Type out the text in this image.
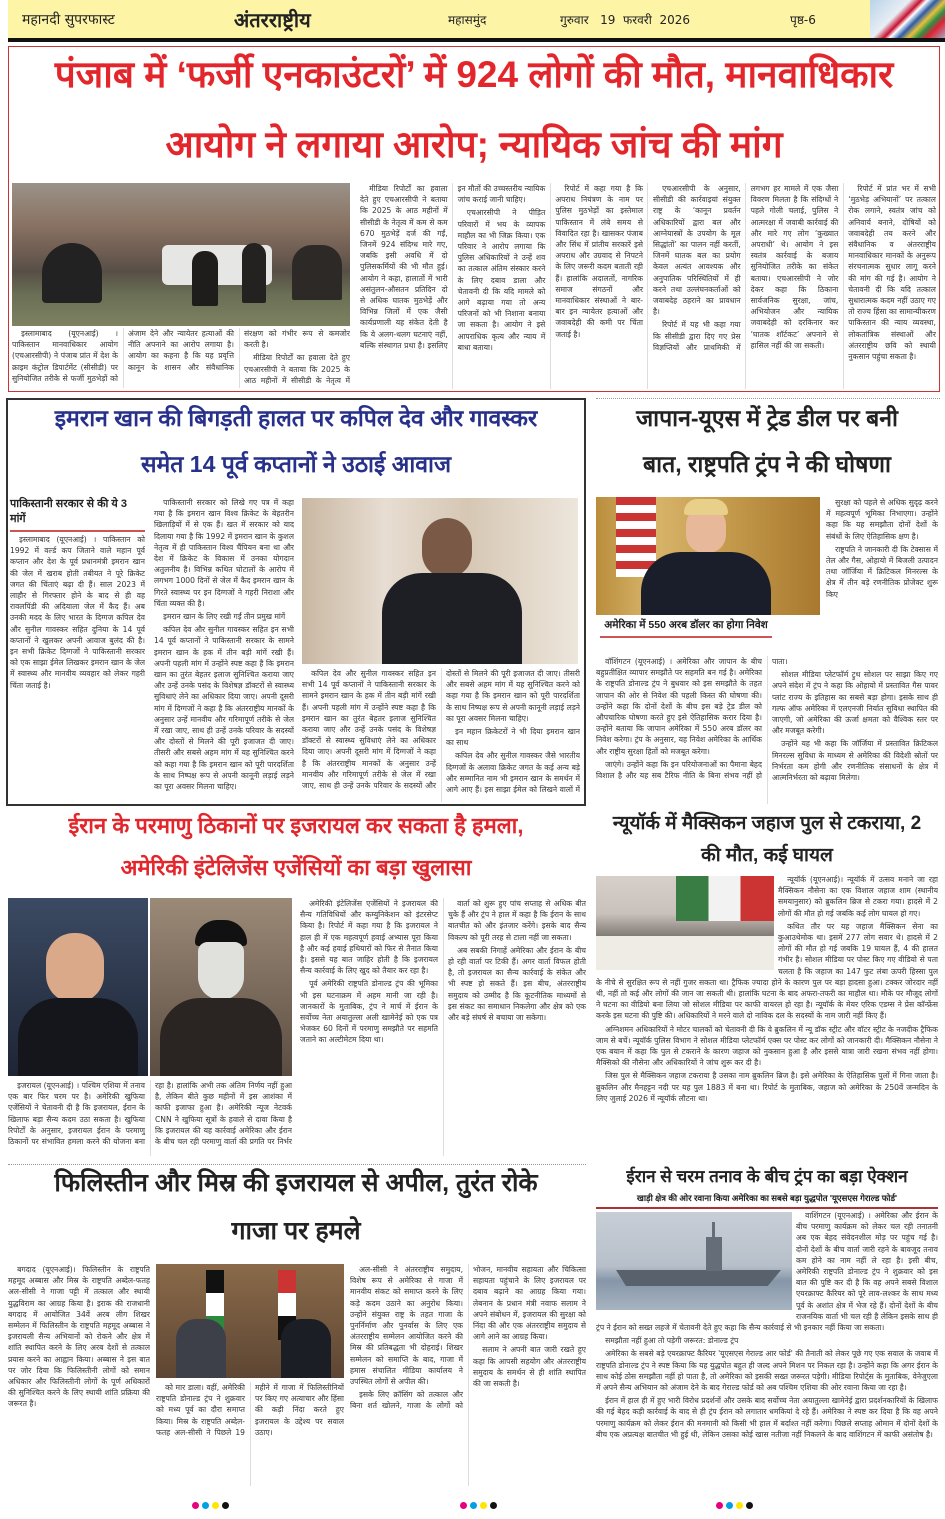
महानदी सुपरफास्ट	अंतरराष्ट्रीय	महासमुंद	गुरुवार   19  फरवरी  2026	पृष्ठ-6
पंजाब में ‘फर्जी एनकाउंटरों’ में 924 लोगों की मौत, मानवाधिकार
आयोग ने लगाया आरोप; न्यायिक जांच की मांग

इस्लामाबाद (यूएनआई) । पाकिस्तान मानवाधिकार आयोग (एचआरसीपी) ने पंजाब प्रांत में देश के क्राइम कंट्रोल डिपार्टमेंट (सीसीडी) पर सुनियोजित तरीके से फर्जी मुठभेड़ों को अंजाम देने और न्यायेतर हत्याओं की नीति अपनाने का आरोप लगाया है। आयोग का कहना है कि यह प्रवृत्ति कानून के शासन और संवैधानिक संरक्षण को गंभीर रूप से कमजोर करती है।

मीडिया रिपोर्टों का हवाला देते हुए एचआरसीपी ने बताया कि 2025 के आठ महीनों में सीसीडी के नेतृत्व में

मीडिया रिपोर्टों का हवाला देते हुए एचआरसीपी ने बताया कि 2025 के आठ महीनों में सीसीडी के नेतृत्व में कम से कम 670 मुठभेड़ें दर्ज की गईं, जिनमें 924 संदिग्ध मारे गए, जबकि इसी अवधि में दो पुलिसकर्मियों की भी मौत हुई। आयोग ने कहा, हालातों में भारी असंतुलन-औसतन प्रतिदिन दो से अधिक घातक मुठभेड़ें और विभिन्न जिलों में एक जैसी कार्यप्रणाली यह संकेत देती है कि ये अलग-थलग घटनाएं नहीं, बल्कि संस्थागत प्रथा है। इसलिए इन मौतों की उच्चस्तरीय न्यायिक जांच कराई जानी चाहिए।

एचआरसीपी ने पीड़ित परिवारों में भय के व्यापक माहौल का भी जिक्र किया। एक परिवार ने आरोप लगाया कि पुलिस अधिकारियों ने उन्हें शव का तत्काल अंतिम संस्कार करने के लिए दबाव डाला और चेतावनी दी कि यदि मामले को आगे बढ़ाया गया तो अन्य परिजनों को भी निशाना बनाया जा सकता है। आयोग ने इसे आपराधिक कृत्य और न्याय में बाधा बताया।

रिपोर्ट में कहा गया है कि अपराध नियंत्रण के नाम पर पुलिस मुठभेड़ों का इस्तेमाल पाकिस्तान में लंबे समय से विवादित रहा है। खासकर पंजाब और सिंध में प्रांतीय सरकारें इसे अपराध और उग्रवाद से निपटने के लिए जरूरी कदम बताती रही हैं। हालांकि अदालतों, नागरिक समाज संगठनों और मानवाधिकार संस्थाओं ने बार-बार इन न्यायेतर हत्याओं और जवाबदेही की कमी पर चिंता जताई है।

एचआरसीपी के अनुसार, सीसीडी की कार्रवाइयां संयुक्त राष्ट्र के ‘कानून प्रवर्तन अधिकारियों द्वारा बल और आग्नेयास्त्रों के उपयोग के मूल सिद्धांतों’ का पालन नहीं करतीं, जिनमें घातक बल का प्रयोग केवल अत्यंत आवश्यक और अनुपातिक परिस्थितियों में ही करने तथा उल्लंघनकर्ताओं को जवाबदेह ठहराने का प्रावधान है।

रिपोर्ट में यह भी कहा गया कि सीसीडी द्वारा दिए गए प्रेस विज्ञप्तियों और प्राथमिकी में लगभग हर मामले में एक जैसा विवरण मिलता है कि संदिग्धों ने पहले गोली चलाई, पुलिस ने आत्मरक्षा में जवाबी कार्रवाई की और मारे गए लोग ‘कुख्यात अपराधी’ थे। आयोग ने इस स्वतंत्र कार्रवाई के बजाय सुनियोजित तरीके का संकेत बताया। एचआरसीपी ने जोर देकर कहा कि ठिकाना सार्वजनिक सुरक्षा, जांच, अभियोजन और न्यायिक जवाबदेही को दरकिनार कर ‘घातक शॉर्टकट’ अपनाने से हासिल नहीं की जा सकती।

रिपोर्ट में प्रांत भर में सभी ‘मुठभेड़ अभियानों’ पर तत्काल रोक लगाने, स्वतंत्र जांच को अनिवार्य बनाने, दोषियों को जवाबदेही तय करने और संवैधानिक व अंतरराष्ट्रीय मानवाधिकार मानकों के अनुरूप संरचनात्मक सुधार लागू करने की मांग की गई है। आयोग ने चेतावनी दी कि यदि तत्काल सुधारात्मक कदम नहीं उठाए गए तो राज्य हिंसा का सामान्यीकरण पाकिस्तान की न्याय व्यवस्था, लोकतांत्रिक संस्थाओं और अंतरराष्ट्रीय छवि को स्थायी नुकसान पहुंचा सकता है।

इमरान खान की बिगड़ती हालत पर कपिल देव और गावस्कर
समेत 14 पूर्व कप्तानों ने उठाई आवाज
पाकिस्तानी सरकार से की ये 3 मांगें

इस्लामाबाद (यूएनआई) । पाकिस्तान को 1992 में वर्ल्ड कप जिताने वाले महान पूर्व कप्तान और देश के पूर्व प्रधानमंत्री इमरान खान की जेल में खराब होती तबीयत ने पूरे क्रिकेट जगत की चिंताएं बढ़ा दी हैं। साल 2023 में लाहौर से गिरफ्तार होने के बाद से ही वह रावलपिंडी की अदियाला जेल में कैद हैं। अब उनकी मदद के लिए भारत के दिग्गज कपिल देव और सुनील गावस्कर सहित दुनिया के 14 पूर्व कप्तानों ने खुलकर अपनी आवाज बुलंद की है। इन सभी क्रिकेट दिग्गजों ने पाकिस्तानी सरकार को एक साझा ईमेल लिखकर इमरान खान के जेल में स्वास्थ्य और मानवीय व्यवहार को लेकर गहरी चिंता जताई है।

पाकिस्तानी सरकार को लिखे गए पत्र में कहा गया है कि इमरान खान विश्व क्रिकेट के बेहतरीन खिलाड़ियों में से एक हैं। खत में सरकार को याद दिलाया गया है कि 1992 में इमरान खान के कुशल नेतृत्व में ही पाकिस्तान विश्व चैंपियन बना था और देश में क्रिकेट के विकास में उनका योगदान अतुलनीय है। विभिन्न कथित घोटालों के आरोप में लगभग 1000 दिनों से जेल में कैद इमरान खान के गिरते स्वास्थ्य पर इन दिग्गजों ने गहरी निराशा और चिंता व्यक्त की है।

इमरान खान के लिए रखी गईं तीन प्रमुख मांगें

कपिल देव और सुनील गावस्कर सहित इन सभी 14 पूर्व कप्तानों ने पाकिस्तानी सरकार के सामने इमरान खान के हक में तीन बड़ी मांगें रखी हैं। अपनी पहली मांग में उन्होंने स्पष्ट कहा है कि इमरान खान का तुरंत बेहतर इलाज सुनिश्चित कराया जाए और उन्हें उनके पसंद के विशेषज्ञ डॉक्टरों से स्वास्थ्य सुविधाएं लेने का अधिकार दिया जाए। अपनी दूसरी मांग में दिग्गजों ने कहा है कि अंतरराष्ट्रीय मानकों के अनुसार उन्हें मानवीय और गरिमापूर्ण तरीके से जेल में रखा जाए, साथ ही उन्हें उनके परिवार के सदस्यों और दोस्तों से मिलने की पूरी इजाजत दी जाए। तीसरी और सबसे अहम मांग में यह सुनिश्चित करने को कहा गया है कि इमरान खान को पूरी पारदर्शिता के साथ निष्पक्ष रूप से अपनी कानूनी लड़ाई लड़ने का पूरा अवसर मिलना चाहिए।

कपिल देव और सुनील गावस्कर सहित इन सभी 14 पूर्व कप्तानों ने पाकिस्तानी सरकार के सामने इमरान खान के हक में तीन बड़ी मांगें रखी हैं। अपनी पहली मांग में उन्होंने स्पष्ट कहा है कि इमरान खान का तुरंत बेहतर इलाज सुनिश्चित कराया जाए और उन्हें उनके पसंद के विशेषज्ञ डॉक्टरों से स्वास्थ्य सुविधाएं लेने का अधिकार दिया जाए। अपनी दूसरी मांग में दिग्गजों ने कहा है कि अंतरराष्ट्रीय मानकों के अनुसार उन्हें मानवीय और गरिमापूर्ण तरीके से जेल में रखा जाए, साथ ही उन्हें उनके परिवार के सदस्यों और दोस्तों से मिलने की पूरी इजाजत दी जाए। तीसरी और सबसे अहम मांग में यह सुनिश्चित करने को कहा गया है कि इमरान खान को पूरी पारदर्शिता के साथ निष्पक्ष रूप से अपनी कानूनी लड़ाई लड़ने का पूरा अवसर मिलना चाहिए।

इन महान क्रिकेटरों ने भी दिया इमरान खान का साथ

कपिल देव और सुनील गावस्कर जैसे भारतीय दिग्गजों के अलावा क्रिकेट जगत के कई अन्य बड़े और सम्मानित नाम भी इमरान खान के समर्थन में आगे आए हैं। इस साझा ईमेल को लिखने वालों में

जापान-यूएस में ट्रेड डील पर बनी
बात, राष्ट्रपति ट्रंप ने की घोषणा
अमेरिका में 550 अरब डॉलर का होगा निवेश

सुरक्षा को पहले से अधिक सुदृढ़ करने में महत्वपूर्ण भूमिका निभाएगा। उन्होंने कहा कि यह समझौता दोनों देशों के संबंधों के लिए ऐतिहासिक क्षण है।

राष्ट्रपति ने जानकारी दी कि टेक्सास में तेल और गैस, ओहायो में बिजली उत्पादन तथा जॉर्जिया में क्रिटिकल मिनरल्स के क्षेत्र में तीन बड़े रणनीतिक प्रोजेक्ट शुरू किए

वॉशिंगटन (यूएनआई) । अमेरिका और जापान के बीच बहुप्रतीक्षित व्यापार समझौते पर सहमति बन गई है। अमेरिका के राष्ट्रपति डोनाल्ड ट्रंप ने बुधवार को इस समझौते के तहत जापान की ओर से निवेश की पहली किस्त की घोषणा की। उन्होंने कहा कि दोनों देशों के बीच इस बड़े ट्रेड डील को औपचारिक घोषणा करते हुए इसे ऐतिहासिक करार दिया है। उन्होंने बताया कि जापान अमेरिका में 550 अरब डॉलर का निवेश करेगा। ट्रंप के अनुसार, यह निवेश अमेरिका के आर्थिक और राष्ट्रीय सुरक्षा हितों को मजबूत करेगा।

जाएंगे। उन्होंने कहा कि इन परियोजनाओं का पैमाना बेहद विशाल है और यह सब टैरिफ नीति के बिना संभव नहीं हो पाता।

सोशल मीडिया प्लेटफॉर्म ट्रुथ सोशल पर साझा किए गए अपने संदेश में ट्रंप ने कहा कि ओहायो में प्रस्तावित गैस पावर प्लांट राज्य के इतिहास का सबसे बड़ा होगा। इसके साथ ही गल्फ ऑफ अमेरिका में एलएनजी निर्यात सुविधा स्थापित की जाएगी, जो अमेरिका की ऊर्जा क्षमता को वैश्विक स्तर पर और मजबूत करेगी।

उन्होंने यह भी कहा कि जॉर्जिया में प्रस्तावित क्रिटिकल मिनरल्स सुविधा के माध्यम से अमेरिका की विदेशी स्रोतों पर निर्भरता कम होगी और रणनीतिक संसाधनों के क्षेत्र में आत्मनिर्भरता को बढ़ावा मिलेगा।

ईरान के परमाणु ठिकानों पर इजरायल कर सकता है हमला,
अमेरिकी इंटेलिजेंस एजेंसियों का बड़ा खुलासा

इजरायल (यूएनआई) । पश्चिम एशिया में तनाव एक बार फिर चरम पर है। अमेरिकी खुफिया एजेंसियों ने चेतावनी दी है कि इजरायल, ईरान के खिलाफ बड़ा सैन्य कदम उठा सकता है। खुफिया रिपोर्टों के अनुसार, इजरायल ईरान के परमाणु ठिकानों पर संभावित हमला करने की योजना बना रहा है। हालांकि अभी तक अंतिम निर्णय नहीं हुआ है, लेकिन बीते कुछ महीनों में इस आशंका में काफी इजाफा हुआ है। अमेरिकी न्यूज नेटवर्क CNN ने खुफिया सूत्रों के हवाले से दावा किया है कि इजरायल की यह कार्रवाई अमेरिका और ईरान के बीच चल रही परमाणु वार्ता की प्रगति पर निर्भर

अमेरिकी इंटेलिजेंस एजेंसियों ने इजरायल की सैन्य गतिविधियों और कम्युनिकेशन को इंटरसेप्ट किया है। रिपोर्ट में कहा गया है कि इजरायल ने हाल ही में एक महत्वपूर्ण हवाई अभ्यास पूरा किया है और कई हवाई हथियारों को फिर से तैनात किया है। इससे यह बात जाहिर होती है कि इजरायल सैन्य कार्रवाई के लिए खुद को तैयार कर रहा है।

पूर्व अमेरिकी राष्ट्रपति डोनाल्ड ट्रंप की भूमिका भी इस घटनाक्रम में अहम मानी जा रही है। जानकारों के मुताबिक, ट्रंप ने मार्च में ईरान के सर्वोच्च नेता अयातुल्ला अली खामेनेई को एक पत्र भेजकर 60 दिनों में परमाणु समझौते पर सहमति जताने का अल्टीमेटम दिया था।

वार्ता को शुरू हुए पांच सप्ताह से अधिक बीत चुके हैं और ट्रंप ने हाल में कहा है कि ईरान के साथ बातचीत को और इंतजार करेंगे। इसके बाद सैन्य विकल्प को पूरी तरह से टाला नहीं जा सकता।

अब सबकी निगाहें अमेरिका और ईरान के बीच हो रही वार्ता पर टिकी हैं। अगर वार्ता विफल होती है, तो इजरायल का सैन्य कार्रवाई के संकेत और भी स्पष्ट हो सकते हैं। इस बीच, अंतरराष्ट्रीय समुदाय को उम्मीद है कि कूटनीतिक माध्यमों से इस संकट का समाधान निकलेगा और क्षेत्र को एक और बड़े संघर्ष से बचाया जा सकेगा।

न्यूयॉर्क में मैक्सिकन जहाज पुल से टकराया, 2
की मौत, कई घायल

न्यूयॉर्क (यूएनआई)। न्यूयॉर्क में उत्सव मनाने जा रहा मैक्सिकन नौसेना का एक विशाल जहाज शाम (स्थानीय समयानुसार) को ब्रुकलिन ब्रिज से टकरा गया। हादसे में 2 लोगों की मौत हो गई जबकि कई लोग घायल हो गए।

कथित तौर पर यह जहाज मैक्सिकन सेना का कुआउथेमोक था। इसमें 277 लोग सवार थे। हादसे में 2 लोगों की मौत हो गई जबकि 19 घायल हैं, 4 की हालत गंभीर है। सोशल मीडिया पर पोस्ट किए गए वीडियो से पता चलता है कि जहाज का 147 फुट लंबा ऊपरी हिस्सा पुल के नीचे से सुरक्षित रूप से नहीं गुजर सकता था। ट्रैफिक ज्यादा होने के कारण पुल पर बड़ा हादसा हुआ। टक्कर जोरदार नहीं थी, नहीं तो कई और लोगों की जान जा सकती थी। हालांकि घटना के बाद अफरा-तफरी का माहौल था। मौके पर मौजूद लोगों ने घटना का वीडियो बना लिया जो सोशल मीडिया पर काफी वायरल हो रहा है। न्यूयॉर्क के मेयर एरिक एडम्स ने प्रेस कॉन्फ्रेंस करके इस घटना की पुष्टि की। अधिकारियों ने मरने वाले दो नाविक दल के सदस्यों के नाम जारी नहीं किए हैं।

अग्निशमन अधिकारियों ने मोटर चालकों को चेतावनी दी कि वे ब्रुकलिन में न्यू डॉक स्ट्रीट और वॉटर स्ट्रीट के नजदीक ट्रैफिक जाम से बचें। न्यूयॉर्क पुलिस विभाग ने सोशल मीडिया प्लेटफॉर्म एक्स पर पोस्ट कर लोगों को जानकारी दी। मैक्सिकन नौसेना ने एक बयान में कहा कि पुल से टकराने के कारण जहाज को नुकसान हुआ है और इससे यात्रा जारी रखना संभव नहीं होगा। मैक्सिको की नौसेना और अधिकारियों ने जांच शुरू कर दी है।

जिस पुल से मैक्सिकन जहाज टकराया है उसका नाम ब्रुकलिन ब्रिज है। इसे अमेरिका के ऐतिहासिक पुलों में गिना जाता है। ब्रुकलिन और मैनहट्टन नदी पर यह पुल 1883 में बना था। रिपोर्ट के मुताबिक, जहाज को अमेरिका के 250वें जन्मदिन के लिए जुलाई 2026 में न्यूयॉर्क लौटना था।

फिलिस्तीन और मिस्र की इजरायल से अपील, तुरंत रोके
गाजा पर हमले

बगदाद (यूएनआई)। फिलिस्तीन के राष्ट्रपति महमूद अब्बास और मिस्र के राष्ट्रपति अब्देल-फतह अल-सीसी ने गाजा पट्टी में तत्काल और स्थायी युद्धविराम का आग्रह किया है। इराक की राजधानी बगदाद में आयोजित 34वें अरब लीग शिखर सम्मेलन में फिलिस्तीन के राष्ट्रपति महमूद अब्बास ने इजरायली सैन्य अभियानों को रोकने और क्षेत्र में शांति स्थापित करने के लिए अरब देशों से तत्काल प्रयास करने का आह्वान किया। अब्बास ने इस बात पर जोर दिया कि फिलिस्तीनी लोगों को समान अधिकार और फिलिस्तीनी लोगों के पूर्ण अधिकारों की सुनिश्चित करने के लिए स्थायी शांति प्रक्रिया की जरूरत है।

को मार डाला। वहीं, अमेरिकी राष्ट्रपति डोनाल्ड ट्रंप ने शुक्रवार को मध्य पूर्व का दौरा समाप्त किया। मिस्र के राष्ट्रपति अब्देल-फतह अल-सीसी ने पिछले 19 महीने में गाजा में फिलिस्तीनियों पर किए गए अत्याचार और हिंसा की कड़ी निंदा करते हुए इजरायल के उद्देश्य पर सवाल उठाए।

अल-सीसी ने अंतरराष्ट्रीय समुदाय, विशेष रूप से अमेरिका से गाजा में मानवीय संकट को समाप्त करने के लिए कड़े कदम उठाने का अनुरोध किया। उन्होंने संयुक्त राष्ट्र के तहत गाजा के पुनर्निर्माण और पुनर्वास के लिए एक अंतरराष्ट्रीय सम्मेलन आयोजित करने की मिस्र की प्रतिबद्धता भी दोहराई। शिखर सम्मेलन को समाप्ति के बाद, गाजा में हमास संचालित मीडिया कार्यालय ने उपस्थित लोगों से अपील की।

इसके लिए क्रॉसिंग को तत्काल और बिना शर्त खोलने, गाजा के लोगों को भोजन, मानवीय सहायता और चिकित्सा सहायता पहुंचाने के लिए इजरायल पर दबाव बढ़ाने का आग्रह किया गया। लेबनान के प्रधान मंत्री नवाफ सलाम ने अपने संबोधन में, इजरायल की सुरक्षा को निंदा की और एक अंतरराष्ट्रीय समुदाय से आगे आने का आग्रह किया।

सलाम ने अपनी बात जारी रखते हुए कहा कि आपसी सहयोग और अंतरराष्ट्रीय समुदाय के समर्थन से ही शांति स्थापित की जा सकती है।

ईरान से चरम तनाव के बीच ट्रंप का बड़ा ऐक्शन
खाड़ी क्षेत्र की ओर रवाना किया अमेरिका का सबसे बड़ा युद्धपोत 'यूएसएस गेराल्ड फोर्ड'

वाशिंगटन (यूएनआई) । अमेरिका और ईरान के बीच परमाणु कार्यक्रम को लेकर चल रही तनातनी अब एक बेहद संवेदनशील मोड़ पर पहुंच गई है। दोनों देशों के बीच वार्ता जारी रहने के बावजूद तनाव कम होने का नाम नहीं ले रहा है। इसी बीच, अमेरिकी राष्ट्रपति डोनाल्ड ट्रंप ने शुक्रवार को इस बात की पुष्टि कर दी है कि वह अपने सबसे विशाल एयरक्राफ्ट कैरियर को पूरे लाव-लश्कर के साथ मध्य पूर्व के अशांत क्षेत्र में भेज रहे हैं। दोनों देशों के बीच राजनयिक वार्ता भी चल रही है लेकिन इसके साथ ही ट्रंप ने ईरान को सख्त लहजे में चेतावनी देते हुए कहा कि सैन्य कार्रवाई से भी इनकार नहीं किया जा सकता।

समझौता नहीं हुआ तो पड़ेगी जरूरत: डोनाल्ड ट्रंप

अमेरिका के सबसे बड़े एयरक्राफ्ट कैरियर 'यूएसएस गेराल्ड आर फोर्ड' की तैनाती को लेकर पूछे गए एक सवाल के जवाब में राष्ट्रपति डोनाल्ड ट्रंप ने स्पष्ट किया कि यह युद्धपोत बहुत ही जल्द अपने मिशन पर निकल रहा है। उन्होंने कहा कि अगर ईरान के साथ कोई ठोस समझौता नहीं हो पाता है, तो अमेरिका को इसकी सख्त जरूरत पड़ेगी। मीडिया रिपोर्ट्स के मुताबिक, वेनेजुएला में अपने सैन्य अभियान को अंजाम देने के बाद गेराल्ड फोर्ड को अब पश्चिम एशिया की ओर रवाना किया जा रहा है।

ईरान में हाल ही में हुए भारी विरोध प्रदर्शनों और उसके बाद सर्वोच्च नेता अयातुल्ला खामेनेई द्वारा प्रदर्शनकारियों के खिलाफ की गई बेहद कड़ी कार्रवाई के बाद से ही ट्रंप ईरान को लगातार धमकियां दे रहे हैं। अमेरिका ने स्पष्ट कर दिया है कि वह अपने परमाणु कार्यक्रम को लेकर ईरान की मनमानी को किसी भी हाल में बर्दाश्त नहीं करेगा। पिछले सप्ताह ओमान में दोनों देशों के बीच एक अप्रत्यक्ष बातचीत भी हुई थी, लेकिन उसका कोई खास नतीजा नहीं निकलने के बाद वाशिंगटन में काफी असंतोष है।
